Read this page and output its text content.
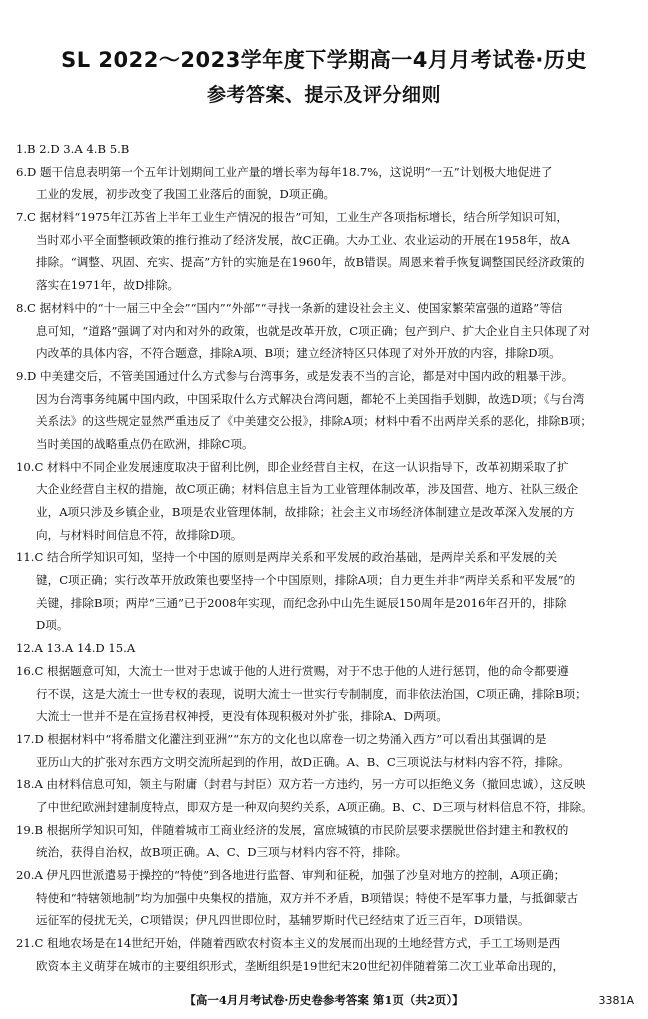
SL 2022～2023学年度下学期高一4月月考试卷·历史
参考答案、提示及评分细则
1.B 2.D 3.A 4.B 5.B
6.D 题干信息表明第一个五年计划期间工业产量的增长率为每年18.7%，这说明“一五”计划极大地促进了
工业的发展，初步改变了我国工业落后的面貌，D项正确。
7.C 据材料“1975年江苏省上半年工业生产情况的报告”可知，工业生产各项指标增长，结合所学知识可知，
当时邓小平全面整顿政策的推行推动了经济发展，故C正确。大办工业、农业运动的开展在1958年，故A
排除。“调整、巩固、充实、提高”方针的实施是在1960年，故B错误。周恩来着手恢复调整国民经济政策的
落实在1971年，故D排除。
8.C 据材料中的“十一届三中全会”“国内”“外部”“寻找一条新的建设社会主义、使国家繁荣富强的道路”等信
息可知，“道路”强调了对内和对外的政策，也就是改革开放，C项正确；包产到户、扩大企业自主只体现了对
内改革的具体内容，不符合题意，排除A项、B项；建立经济特区只体现了对外开放的内容，排除D项。
9.D 中美建交后，不管美国通过什么方式参与台湾事务，或是发表不当的言论，都是对中国内政的粗暴干涉。
因为台湾事务纯属中国内政，中国采取什么方式解决台湾问题，都轮不上美国指手划脚，故选D项；《与台湾
关系法》的这些规定显然严重违反了《中美建交公报》，排除A项；材料中看不出两岸关系的恶化，排除B项；
当时美国的战略重点仍在欧洲，排除C项。
10.C 材料中不同企业发展速度取决于留利比例，即企业经营自主权，在这一认识指导下，改革初期采取了扩
大企业经营自主权的措施，故C项正确；材料信息主旨为工业管理体制改革，涉及国营、地方、社队三级企
业，A项只涉及乡镇企业，B项是农业管理体制，故排除；社会主义市场经济体制建立是改革深入发展的方
向，与材料时间信息不符，故排除D项。
11.C 结合所学知识可知，坚持一个中国的原则是两岸关系和平发展的政治基础，是两岸关系和平发展的关
键，C项正确；实行改革开放政策也要坚持一个中国原则，排除A项；自力更生并非“两岸关系和平发展”的
关键，排除B项；两岸“三通”已于2008年实现，而纪念孙中山先生诞辰150周年是2016年召开的，排除
D项。
12.A 13.A 14.D 15.A
16.C 根据题意可知，大流士一世对于忠诚于他的人进行赏赐，对于不忠于他的人进行惩罚，他的命令都要遵
行不误，这是大流士一世专权的表现，说明大流士一世实行专制制度，而非依法治国，C项正确，排除B项；
大流士一世并不是在宣扬君权神授，更没有体现积极对外扩张，排除A、D两项。
17.D 根据材料中“将希腊文化灌注到亚洲”“东方的文化也以席卷一切之势涌入西方”可以看出其强调的是
亚历山大的扩张对东西方文明交流所起到的作用，故D正确。A、B、C三项说法与材料内容不符，排除。
18.A 由材料信息可知，领主与附庸（封君与封臣）双方若一方违约，另一方可以拒绝义务（撤回忠诚），这反映
了中世纪欧洲封建制度特点，即双方是一种双向契约关系，A项正确。B、C、D三项与材料信息不符，排除。
19.B 根据所学知识可知，伴随着城市工商业经济的发展，富庶城镇的市民阶层要求摆脱世俗封建主和教权的
统治，获得自治权，故B项正确。A、C、D三项与材料内容不符，排除。
20.A 伊凡四世派遣易于操控的“特使”到各地进行监督、审判和征税，加强了沙皇对地方的控制，A项正确；
特使和“特辖领地制”均为加强中央集权的措施，双方并不矛盾，B项错误；特使不是军事力量，与抵御蒙古
远征军的侵扰无关，C项错误；伊凡四世即位时，基辅罗斯时代已经结束了近三百年，D项错误。
21.C 租地农场是在14世纪开始，伴随着西欧农村资本主义的发展而出现的土地经营方式，手工工场则是西
欧资本主义萌芽在城市的主要组织形式，垄断组织是19世纪末20世纪初伴随着第二次工业革命出现的，
【高一4月月考试卷·历史卷参考答案 第1页（共2页）】	3381A
